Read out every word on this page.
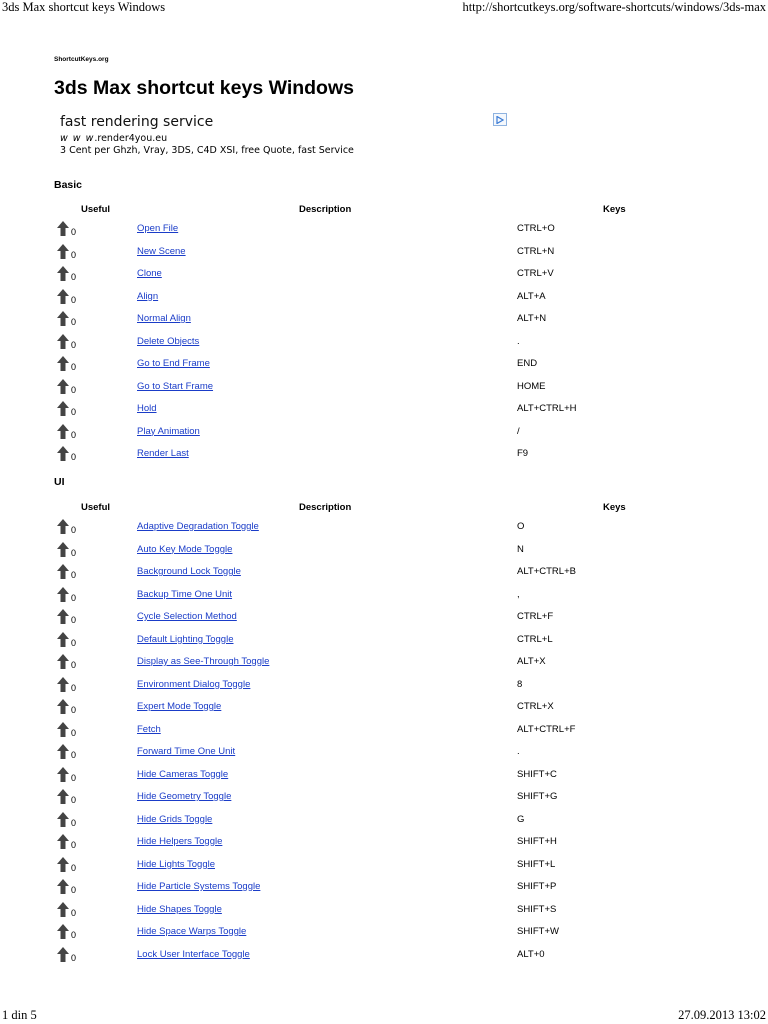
3ds Max shortcut keys Windows	http://shortcutkeys.org/software-shortcuts/windows/3ds-max
ShortcutKeys.org
3ds Max shortcut keys Windows
fast rendering service
w w w.render4you.eu
3 Cent per Ghzh, Vray, 3DS, C4D XSI, free Quote, fast Service
Basic
Useful	Description	Keys
0	Open File	CTRL+O
0	New Scene	CTRL+N
0	Clone	CTRL+V
0	Align	ALT+A
0	Normal Align	ALT+N
0	Delete Objects	.
0	Go to End Frame	END
0	Go to Start Frame	HOME
0	Hold	ALT+CTRL+H
0	Play Animation	/
0	Render Last	F9
UI
Useful	Description	Keys
0	Adaptive Degradation Toggle	O
0	Auto Key Mode Toggle	N
0	Background Lock Toggle	ALT+CTRL+B
0	Backup Time One Unit	,
0	Cycle Selection Method	CTRL+F
0	Default Lighting Toggle	CTRL+L
0	Display as See-Through Toggle	ALT+X
0	Environment Dialog Toggle	8
0	Expert Mode Toggle	CTRL+X
0	Fetch	ALT+CTRL+F
0	Forward Time One Unit	.
0	Hide Cameras Toggle	SHIFT+C
0	Hide Geometry Toggle	SHIFT+G
0	Hide Grids Toggle	G
0	Hide Helpers Toggle	SHIFT+H
0	Hide Lights Toggle	SHIFT+L
0	Hide Particle Systems Toggle	SHIFT+P
0	Hide Shapes Toggle	SHIFT+S
0	Hide Space Warps Toggle	SHIFT+W
0	Lock User Interface Toggle	ALT+0
1 din 5	27.09.2013 13:02
